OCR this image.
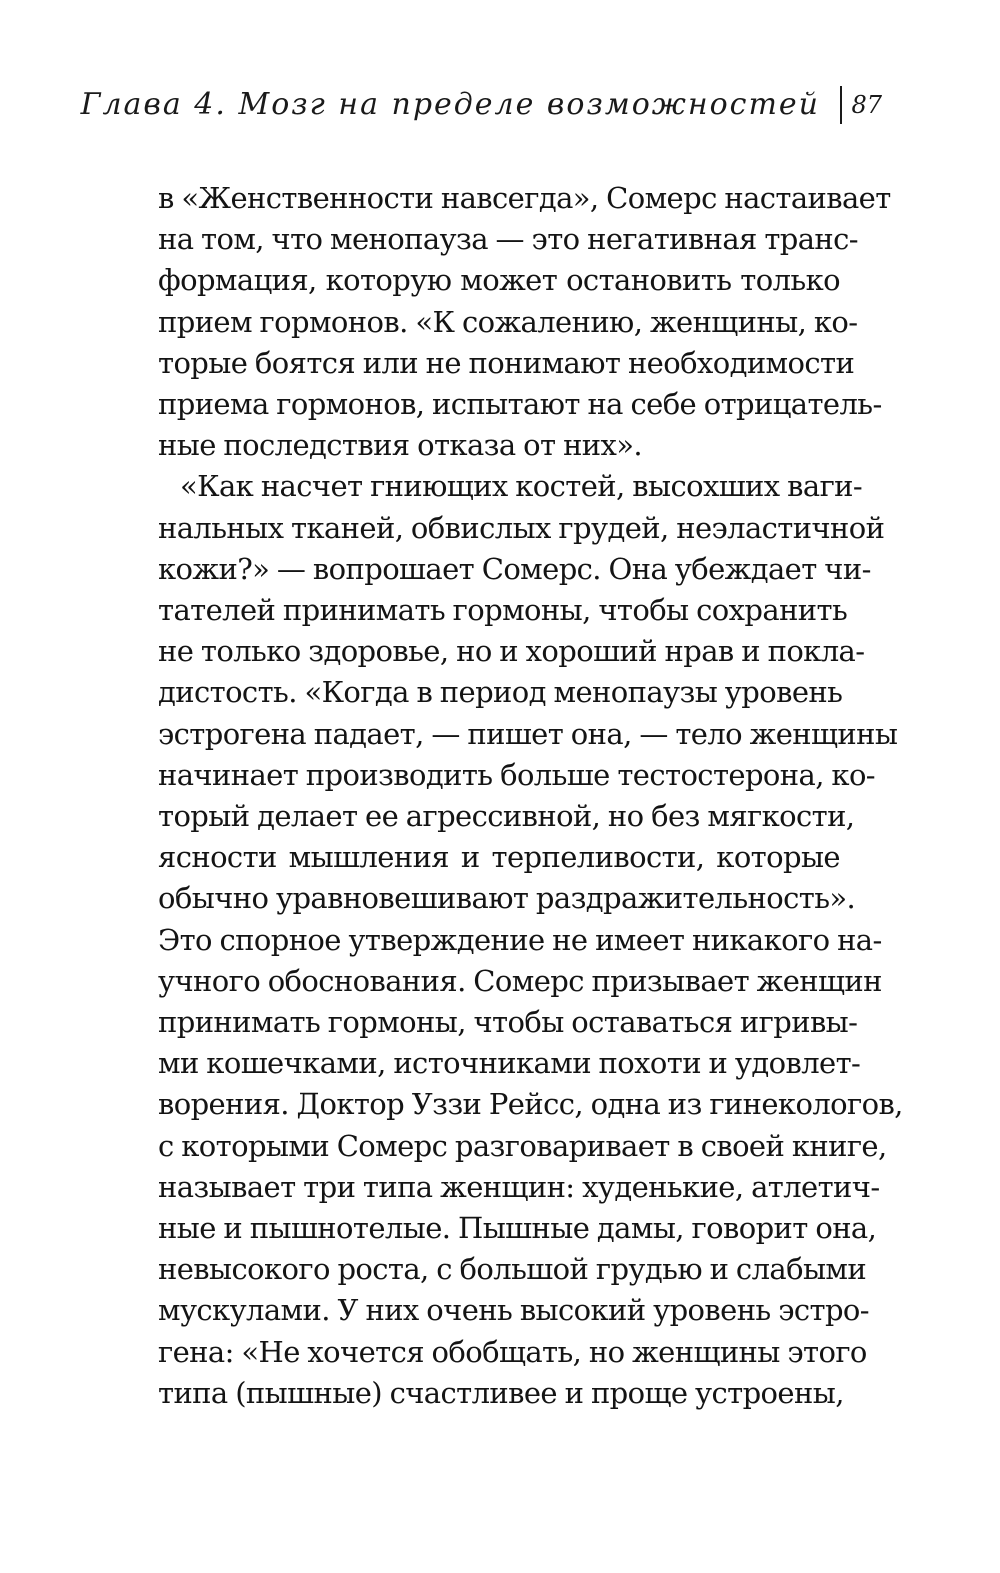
Глава 4. Мозг на пределе возможностей 87

в «Женственности навсегда», Сомерс настаивает
на том, что менопауза — это негативная транс-
формация, которую может остановить только
прием гормонов. «К сожалению, женщины, ко-
торые боятся или не понимают необходимости
приема гормонов, испытают на себе отрицатель-
ные последствия отказа от них».

«Как насчет гниющих костей, высохших ваги-
нальных тканей, обвислых грудей, неэластичной
кожи?» — вопрошает Сомерс. Она убеждает чи-
тателей принимать гормоны, чтобы сохранить
не только здоровье, но и хороший нрав и покла-
дистость. «Когда в период менопаузы уровень
эстрогена падает, — пишет она, — тело женщины
начинает производить больше тестостерона, ко-
торый делает ее агрессивной, но без мягкости,
ясности мышления и терпеливости, которые
обычно уравновешивают раздражительность».
Это спорное утверждение не имеет никакого на-
учного обоснования. Сомерс призывает женщин
принимать гормоны, чтобы оставаться игривы-
ми кошечками, источниками похоти и удовлет-
ворения. Доктор Уззи Рейсс, одна из гинекологов,
с которыми Сомерс разговаривает в своей книге,
называет три типа женщин: худенькие, атлетич-
ные и пышнотелые. Пышные дамы, говорит она,
невысокого роста, с большой грудью и слабыми
мускулами. У них очень высокий уровень эстро-
гена: «Не хочется обобщать, но женщины этого
типа (пышные) счастливее и проще устроены,
